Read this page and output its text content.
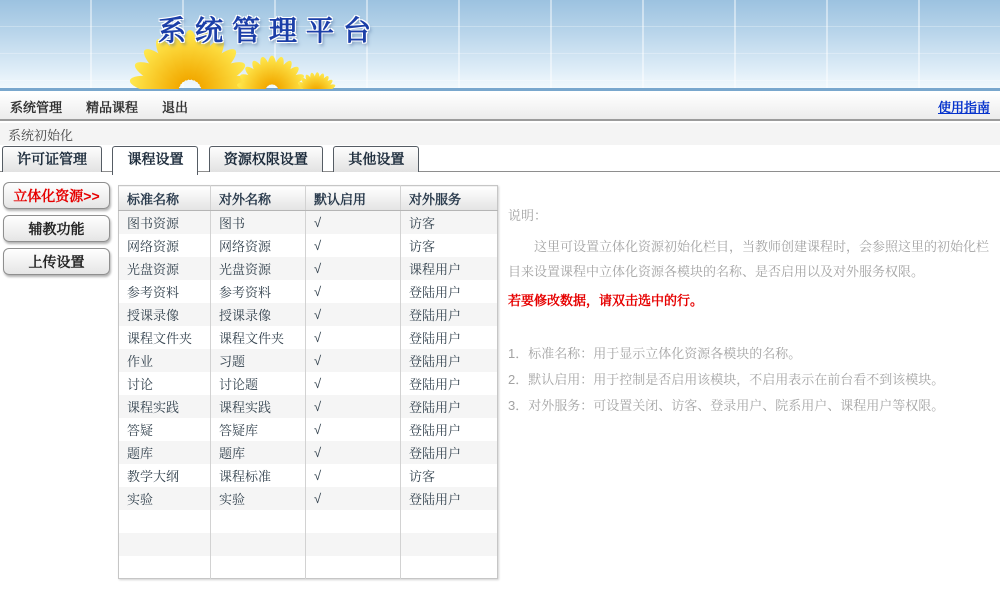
系统管理平台
系统管理 精品课程 退出	使用指南
系统初始化
许可证管理	课程设置	资源权限设置	其他设置
立体化资源>>
辅教功能
上传设置
标准名称	对外名称	默认启用	对外服务
图书资源	图书	√	访客
网络资源	网络资源	√	访客
光盘资源	光盘资源	√	课程用户
参考资料	参考资料	√	登陆用户
授课录像	授课录像	√	登陆用户
课程文件夹	课程文件夹	√	登陆用户
作业	习题	√	登陆用户
讨论	讨论题	√	登陆用户
课程实践	课程实践	√	登陆用户
答疑	答疑库	√	登陆用户
题库	题库	√	登陆用户
教学大纲	课程标准	√	访客
实验	实验	√	登陆用户

说明：
这里可设置立体化资源初始化栏目，当教师创建课程时，会参照这里的初始化栏目来设置课程中立体化资源各模块的名称、是否启用以及对外服务权限。
若要修改数据，请双击选中的行。
1．标准名称：用于显示立体化资源各模块的名称。
2．默认启用：用于控制是否启用该模块，不启用表示在前台看不到该模块。
3．对外服务：可设置关闭、访客、登录用户、院系用户、课程用户等权限。
